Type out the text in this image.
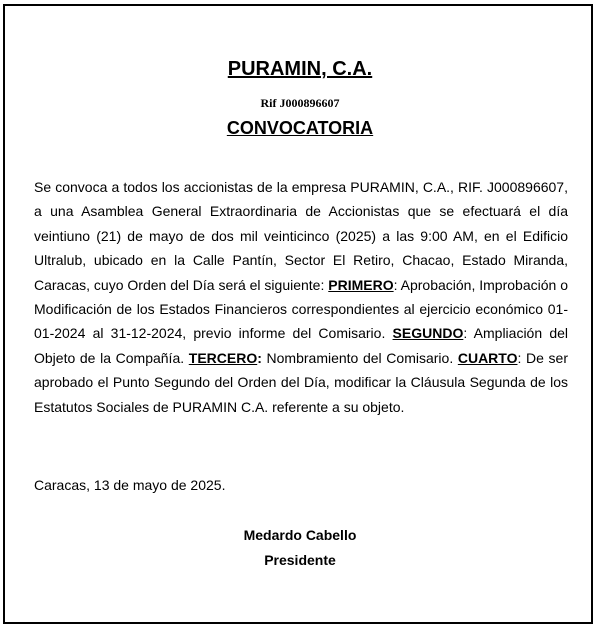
PURAMIN, C.A.
Rif J000896607
CONVOCATORIA
Se convoca a todos los accionistas de la empresa PURAMIN, C.A., RIF. J000896607, a una Asamblea General Extraordinaria de Accionistas que se efectuará el día veintiuno (21) de mayo de dos mil veinticinco (2025) a las 9:00 AM, en el Edificio Ultralub, ubicado en la Calle Pantín, Sector El Retiro, Chacao, Estado Miranda, Caracas, cuyo Orden del Día será el siguiente: PRIMERO: Aprobación, Improbación o Modificación de los Estados Financieros correspondientes al ejercicio económico 01-01-2024 al 31-12-2024, previo informe del Comisario. SEGUNDO: Ampliación del Objeto de la Compañía. TERCERO: Nombramiento del Comisario. CUARTO: De ser aprobado el Punto Segundo del Orden del Día, modificar la Cláusula Segunda de los Estatutos Sociales de PURAMIN C.A. referente a su objeto.
Caracas, 13 de mayo de 2025.
Medardo Cabello
Presidente
